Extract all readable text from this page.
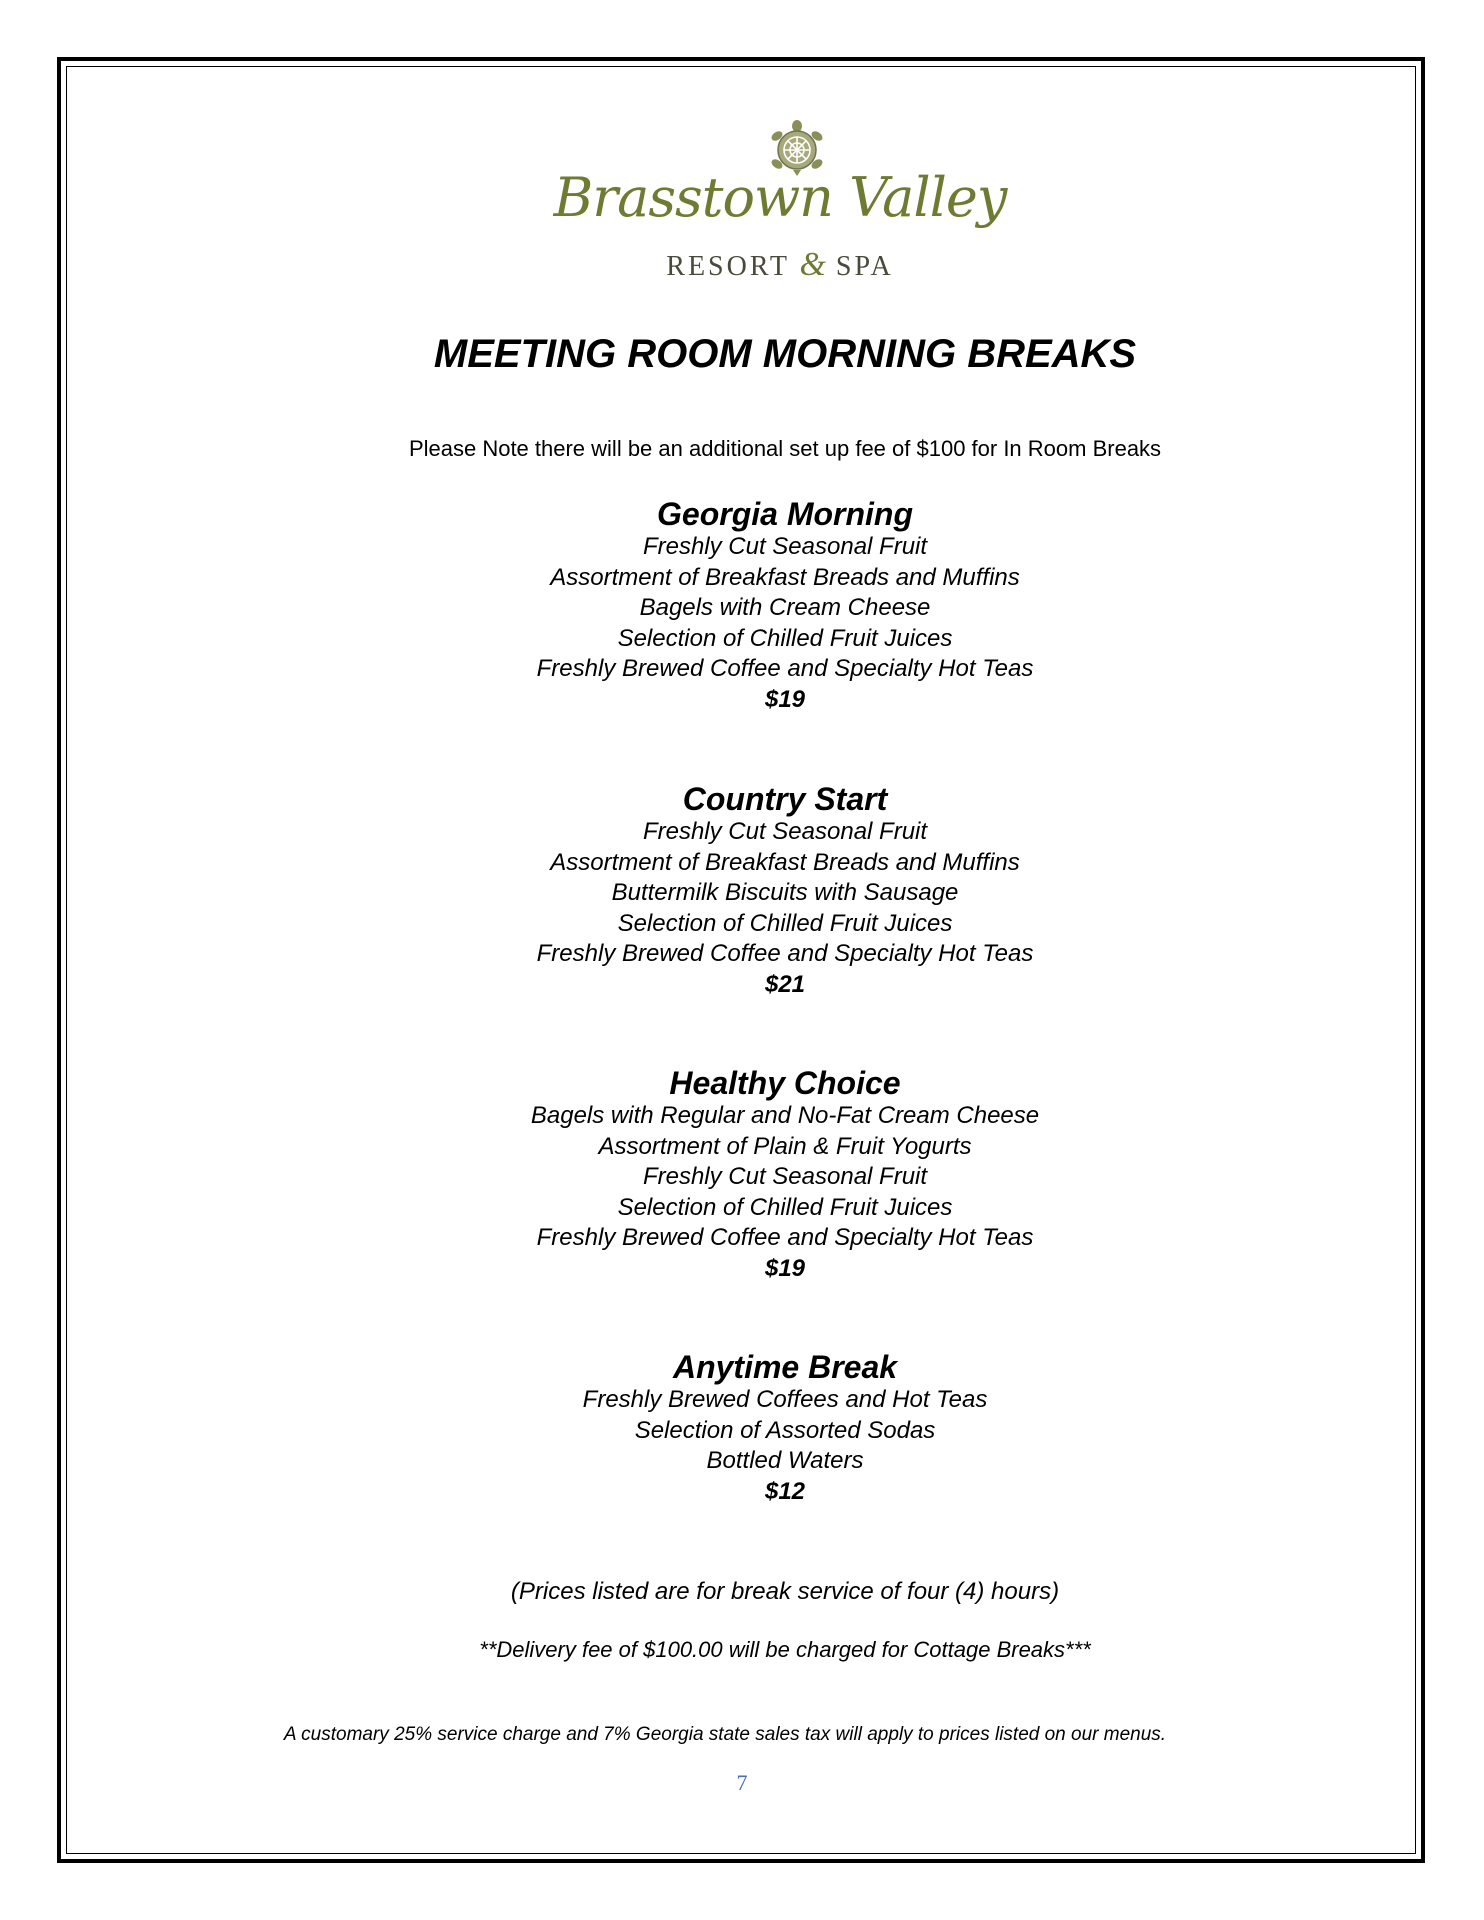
Brasstown Valley
RESORT & SPA
MEETING ROOM MORNING BREAKS
Please Note there will be an additional set up fee of $100 for In Room Breaks
Georgia Morning
Freshly Cut Seasonal Fruit
Assortment of Breakfast Breads and Muffins
Bagels with Cream Cheese
Selection of Chilled Fruit Juices
Freshly Brewed Coffee and Specialty Hot Teas
$19
Country Start
Freshly Cut Seasonal Fruit
Assortment of Breakfast Breads and Muffins
Buttermilk Biscuits with Sausage
Selection of Chilled Fruit Juices
Freshly Brewed Coffee and Specialty Hot Teas
$21
Healthy Choice
Bagels with Regular and No-Fat Cream Cheese
Assortment of Plain & Fruit Yogurts
Freshly Cut Seasonal Fruit
Selection of Chilled Fruit Juices
Freshly Brewed Coffee and Specialty Hot Teas
$19
Anytime Break
Freshly Brewed Coffees and Hot Teas
Selection of Assorted Sodas
Bottled Waters
$12
(Prices listed are for break service of four (4) hours)
**Delivery fee of $100.00 will be charged for Cottage Breaks***
A customary 25% service charge and 7% Georgia state sales tax will apply to prices listed on our menus.
7
